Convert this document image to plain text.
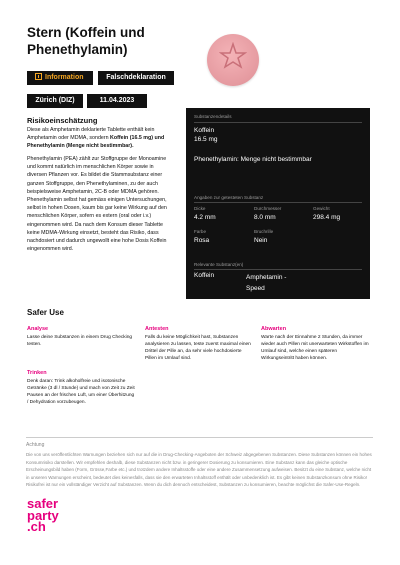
Stern (Koffein und Phenethylamin)
Information	Falschdeklaration
Zürich (DIZ)	11.04.2023
Risikoeinschätzung
Diese als Amphetamin deklarierte Tablette enthält kein Amphetamin oder MDMA, sondern Koffein (16.5 mg) und Phenethylamin (Menge nicht bestimmbar).
Phenethylamin (PEA) zählt zur Stoffgruppe der Monoamine und kommt natürlich im menschlichen Körper sowie in diversen Pflanzen vor. Es bildet die Stammsubstanz einer ganzen Stoffgruppe, den Phenethylaminen, zu der auch beispielsweise Amphetamin, 2C-B oder MDMA gehören. Phenethylamin selbst hat gemäss einigen Untersuchungen, selbst in hohen Dosen, kaum bis gar keine Wirkung auf den menschlichen Körper, sofern es extern (oral oder i.v.) eingenommen wird. Da nach dem Konsum dieser Tablette keine MDMA-Wirkung einsetzt, besteht das Risiko, dass nachdosiert und dadurch ungewollt eine hohe Dosis Koffein eingenommen wird.
Substanzendetails
Koffein
16.5 mg
Phenethylamin: Menge nicht bestimmbar
Angaben zur getesteten Substanz
Dicke
4.2 mm
Durchmesser
8.0 mm
Gewicht
298.4 mg
Farbe
Rosa
Bruchrille
Nein
Relevante Substanz(en)
Koffein	Amphetamin - Speed
Safer Use
Analyse
Lasse deine Substanzen in einem Drug Checking testen.
Antesten
Falls du keine Möglichkeit hast, Substanzen analysieren zu lassen, teste zuerst maximal einen Drittel der Pille an, da sehr viele hochdosierte Pillen im Umlauf sind.
Abwarten
Warte nach der Einnahme 2 Stunden, da immer wieder auch Pillen mit unerwarteten Wirkstoffen im Umlauf sind, welche einen späteren Wirkungseintritt haben können.
Trinken
Denk daran: Trink alkoholfreie und isotonische Getränke (3 dl / Stunde) und mach von Zeit zu Zeit Pausen an der frischen Luft, um einer Überhitzung / Dehydration vorzubeugen.
Achtung
Die von uns veröffentlichten Warnungen beziehen sich nur auf die in Drug-Checking-Angeboten der Schweiz abgegebenen Substanzen. Diese Substanzen können ein hohes Konsumrisiko darstellen. Wir empfehlen deshalb, diese Substanzen nicht bzw. in geringerer Dosierung zu konsumieren. Eine Substanz kann das gleiche optische Erscheinungsbild haben (Form, Grösse,Farbe etc.) und trotzdem andere Inhaltsstoffe oder eine andere Zusammensetzung aufweisen. Besitzt du eine Substanz, welche nicht in unseren Warnungen erscheint, bedeutet dies keinesfalls, dass sie den erwarteten Inhaltsstoff enthält oder unbedenklich ist. Es gibt keinen Substanzkonsum ohne Risiko! Risikofrei ist nur ein vollständiger Verzicht auf Substanzen. Wenn du dich dennoch entscheidest, Substanzen zu konsumieren, beachte möglichst die Safer-Use-Regeln.
safer
party
.ch
